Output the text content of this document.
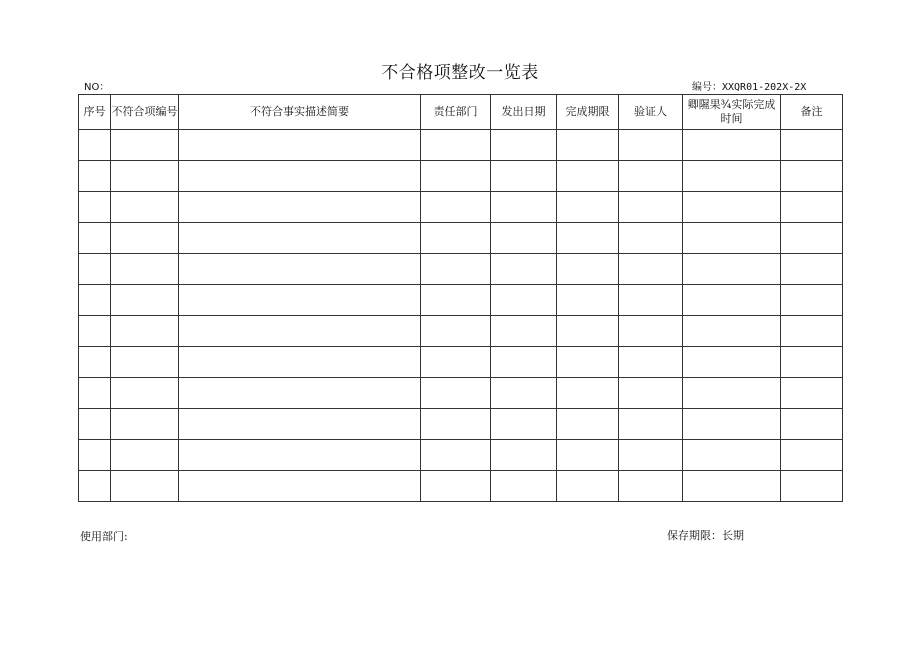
不合格项整改一览表
NO：	编号：XXQR01-202X-2X
序号	不符合项编号	不符合事实描述简要	责任部门	发出日期	完成期限	验证人	卿隰果¾实际完成时间	备注

使用部门:	保存期限：长期
